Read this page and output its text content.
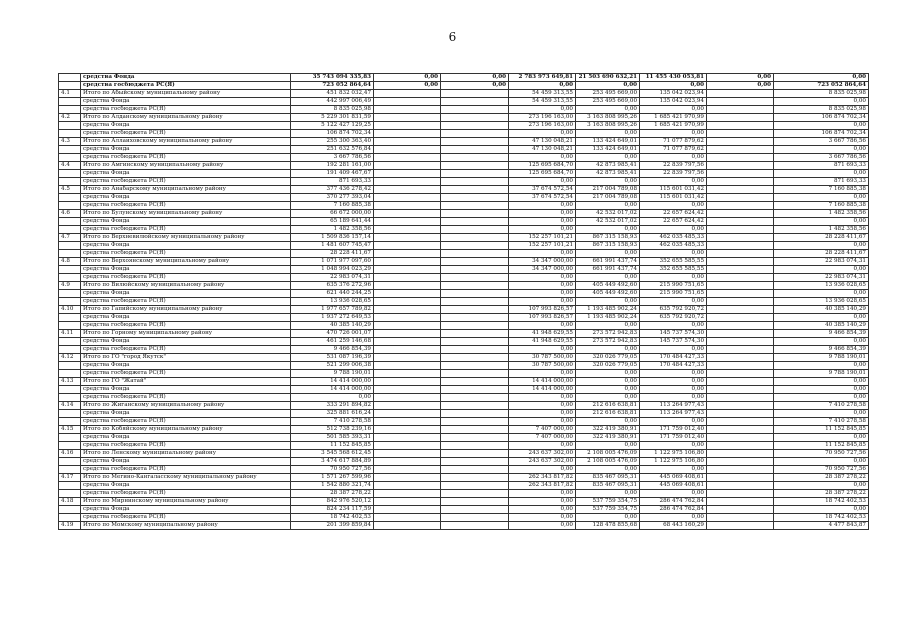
6
	средства Фонда	35 743 094 335,83	0,00	0,00	2 783 973 649,81	21 503 690 632,21	11 455 430 053,81	0,00	0,00
	средства госбюджета РС(Я)	723 052 864,64	0,00	0,00	0,00	0,00	0,00	0,00	723 052 864,64
4.1	Итого по Абыйскому муниципальному району	451 832 032,47			54 459 313,55	253 495 669,00	135 042 023,94		8 835 025,98
	средства Фонда	442 997 006,49			54 459 313,55	253 495 669,00	135 042 023,94		0,00
	средства госбюджета РС(Я)	8 835 025,98			0,00	0,00	0,00		8 835 025,98
4.2	Итого по Алданскому муниципальному району	5 229 301 831,59			273 196 163,00	3 163 808 995,26	1 685 421 970,99		106 874 702,34
	средства Фонда	5 122 427 129,25			273 196 163,00	3 163 808 995,26	1 685 421 970,99		0,00
	средства госбюджета РС(Я)	106 874 702,34			0,00	0,00	0,00		106 874 702,34
4.3	Итого по Аллаиховскому муниципальному району	255 300 363,40			47 130 048,21	133 424 649,01	71 077 879,62		3 667 786,56
	средства Фонда	251 632 576,84			47 130 048,21	133 424 649,01	71 077 879,62		0,00
	средства госбюджета РС(Я)	3 667 786,56			0,00	0,00	0,00		3 667 786,56
4.4	Итого по Амгинскому муниципальному району	192 281 161,00			125 695 684,70	42 873 985,41	22 839 797,56		871 693,33
	средства Фонда	191 409 467,67			125 695 684,70	42 873 985,41	22 839 797,56		0,00
	средства госбюджета РС(Я)	871 693,33			0,00	0,00	0,00		871 693,33
4.5	Итого по Анабарскому муниципальному району	377 436 278,42			37 674 572,54	217 004 789,08	115 601 031,42		7 160 885,38
	средства Фонда	370 277 393,04			37 674 572,54	217 004 789,08	115 601 031,42		0,00
	средства госбюджета РС(Я)	7 160 885,38			0,00	0,00	0,00		7 160 885,38
4.6	Итого по Булунскому муниципальному району	66 672 000,00			0,00	42 532 017,02	22 657 624,42		1 482 358,56
	средства Фонда	65 189 641,44			0,00	42 532 017,02	22 657 624,42		0,00
	средства госбюджета РС(Я)	1 482 358,56			0,00	0,00	0,00		1 482 358,56
4.7	Итого по Верхневилюйскому муниципальному району	1 509 836 157,14			152 257 101,21	867 315 158,93	462 035 485,33		28 228 411,67
	средства Фонда	1 481 607 745,47			152 257 101,21	867 315 158,93	462 035 485,33		0,00
	средства госбюджета РС(Я)	28 228 411,67			0,00	0,00	0,00		28 228 411,67
4.8	Итого по Верхоянскому муниципальному району	1 071 977 097,60			34 347 000,00	661 991 437,74	352 655 585,55		22 983 074,31
	средства Фонда	1 048 994 023,29			34 347 000,00	661 991 437,74	352 655 585,55		0,00
	средства госбюджета РС(Я)	22 983 074,31			0,00	0,00	0,00		22 983 074,31
4.9	Итого по Вилюйскому муниципальному району	635 376 272,96			0,00	405 449 492,60	215 990 751,65		13 936 028,65
	средства Фонда	621 440 244,25			0,00	405 449 492,60	215 990 751,65		0,00
	средства госбюджета РС(Я)	13 936 028,65			0,00	0,00	0,00		13 936 028,65
4.10	Итого по Гапийскому муниципальному району	1 977 657 789,82			107 993 826,57	1 193 485 902,24	635 792 920,72		40 385 140,29
	средства Фонда	1 937 272 649,53			107 993 826,57	1 193 485 902,24	635 792 920,72		0,00
	средства госбюджета РС(Я)	40 385 140,29			0,00	0,00	0,00		40 385 140,29
4.11	Итого по Горному муниципальному району	470 726 001,07			41 948 629,55	273 572 942,83	145 737 574,30		9 466 854,39
	средства Фонда	461 259 146,68			41 948 629,55	273 572 942,83	145 737 574,30		0,00
	средства госбюджета РС(Я)	9 466 854,39			0,00	0,00	0,00		9 466 854,39
4.12	Итого по ГО "город Якутск"	531 087 196,39			30 787 500,00	320 026 779,05	170 484 427,33		9 788 190,01
	средства Фонда	521 299 006,38			30 787 500,00	320 026 779,05	170 484 427,33		0,00
	средства госбюджета РС(Я)	9 788 190,01			0,00	0,00	0,00		9 788 190,01
4.13	Итого по ГО "Жатай"	14 414 000,00			14 414 000,00	0,00	0,00		0,00
	средства Фонда	14 414 000,00			14 414 000,00	0,00	0,00		0,00
	средства госбюджета РС(Я)	0,00			0,00	0,00	0,00		0,00
4.14	Итого по Жиганскому муниципальному району	333 291 894,82			0,00	212 616 638,81	113 264 977,43		7 410 278,58
	средства Фонда	325 881 616,24			0,00	212 616 638,81	113 264 977,43		0,00
	средства госбюджета РС(Я)	7 410 278,58			0,00	0,00	0,00		7 410 278,58
4.15	Итого по Кобяйскому муниципальному району	512 738 239,16			7 407 000,00	322 419 380,91	171 759 012,40		11 152 845,85
	средства Фонда	501 585 393,31			7 407 000,00	322 419 380,91	171 759 012,40		0,00
	средства госбюджета РС(Я)	11 152 845,85			0,00	0,00	0,00		11 152 845,85
4.16	Итого по Ленскому муниципальному району	3 545 568 612,45			243 637 302,00	2 108 005 476,09	1 122 975 106,80		70 950 727,56
	средства Фонда	3 474 617 884,89			243 637 302,00	2 108 005 476,09	1 122 975 106,80		0,00
	средства госбюджета РС(Я)	70 950 727,56			0,00	0,00	0,00		70 950 727,56
4.17	Итого по Мегино-Кангаласскому муниципальному району	1 571 267 599,96			262 343 817,82	835 467 095,31	445 069 408,61		28 387 278,22
	средства Фонда	1 542 880 321,74			262 343 817,82	835 467 095,31	445 069 408,61		0,00
	средства госбюджета РС(Я)	28 387 278,22			0,00	0,00	0,00		28 387 278,22
4.18	Итого по Мирнинскому муниципальному району	842 976 520,12			0,00	537 759 354,75	286 474 762,84		18 742 402,53
	средства Фонда	824 234 117,59			0,00	537 759 354,75	286 474 762,84		0,00
	средства госбюджета РС(Я)	18 742 402,53			0,00	0,00	0,00		18 742 402,53
4.19	Итого по Момскому муниципальному району	201 399 859,84			0,00	128 478 855,68	68 443 160,29		4 477 843,87
